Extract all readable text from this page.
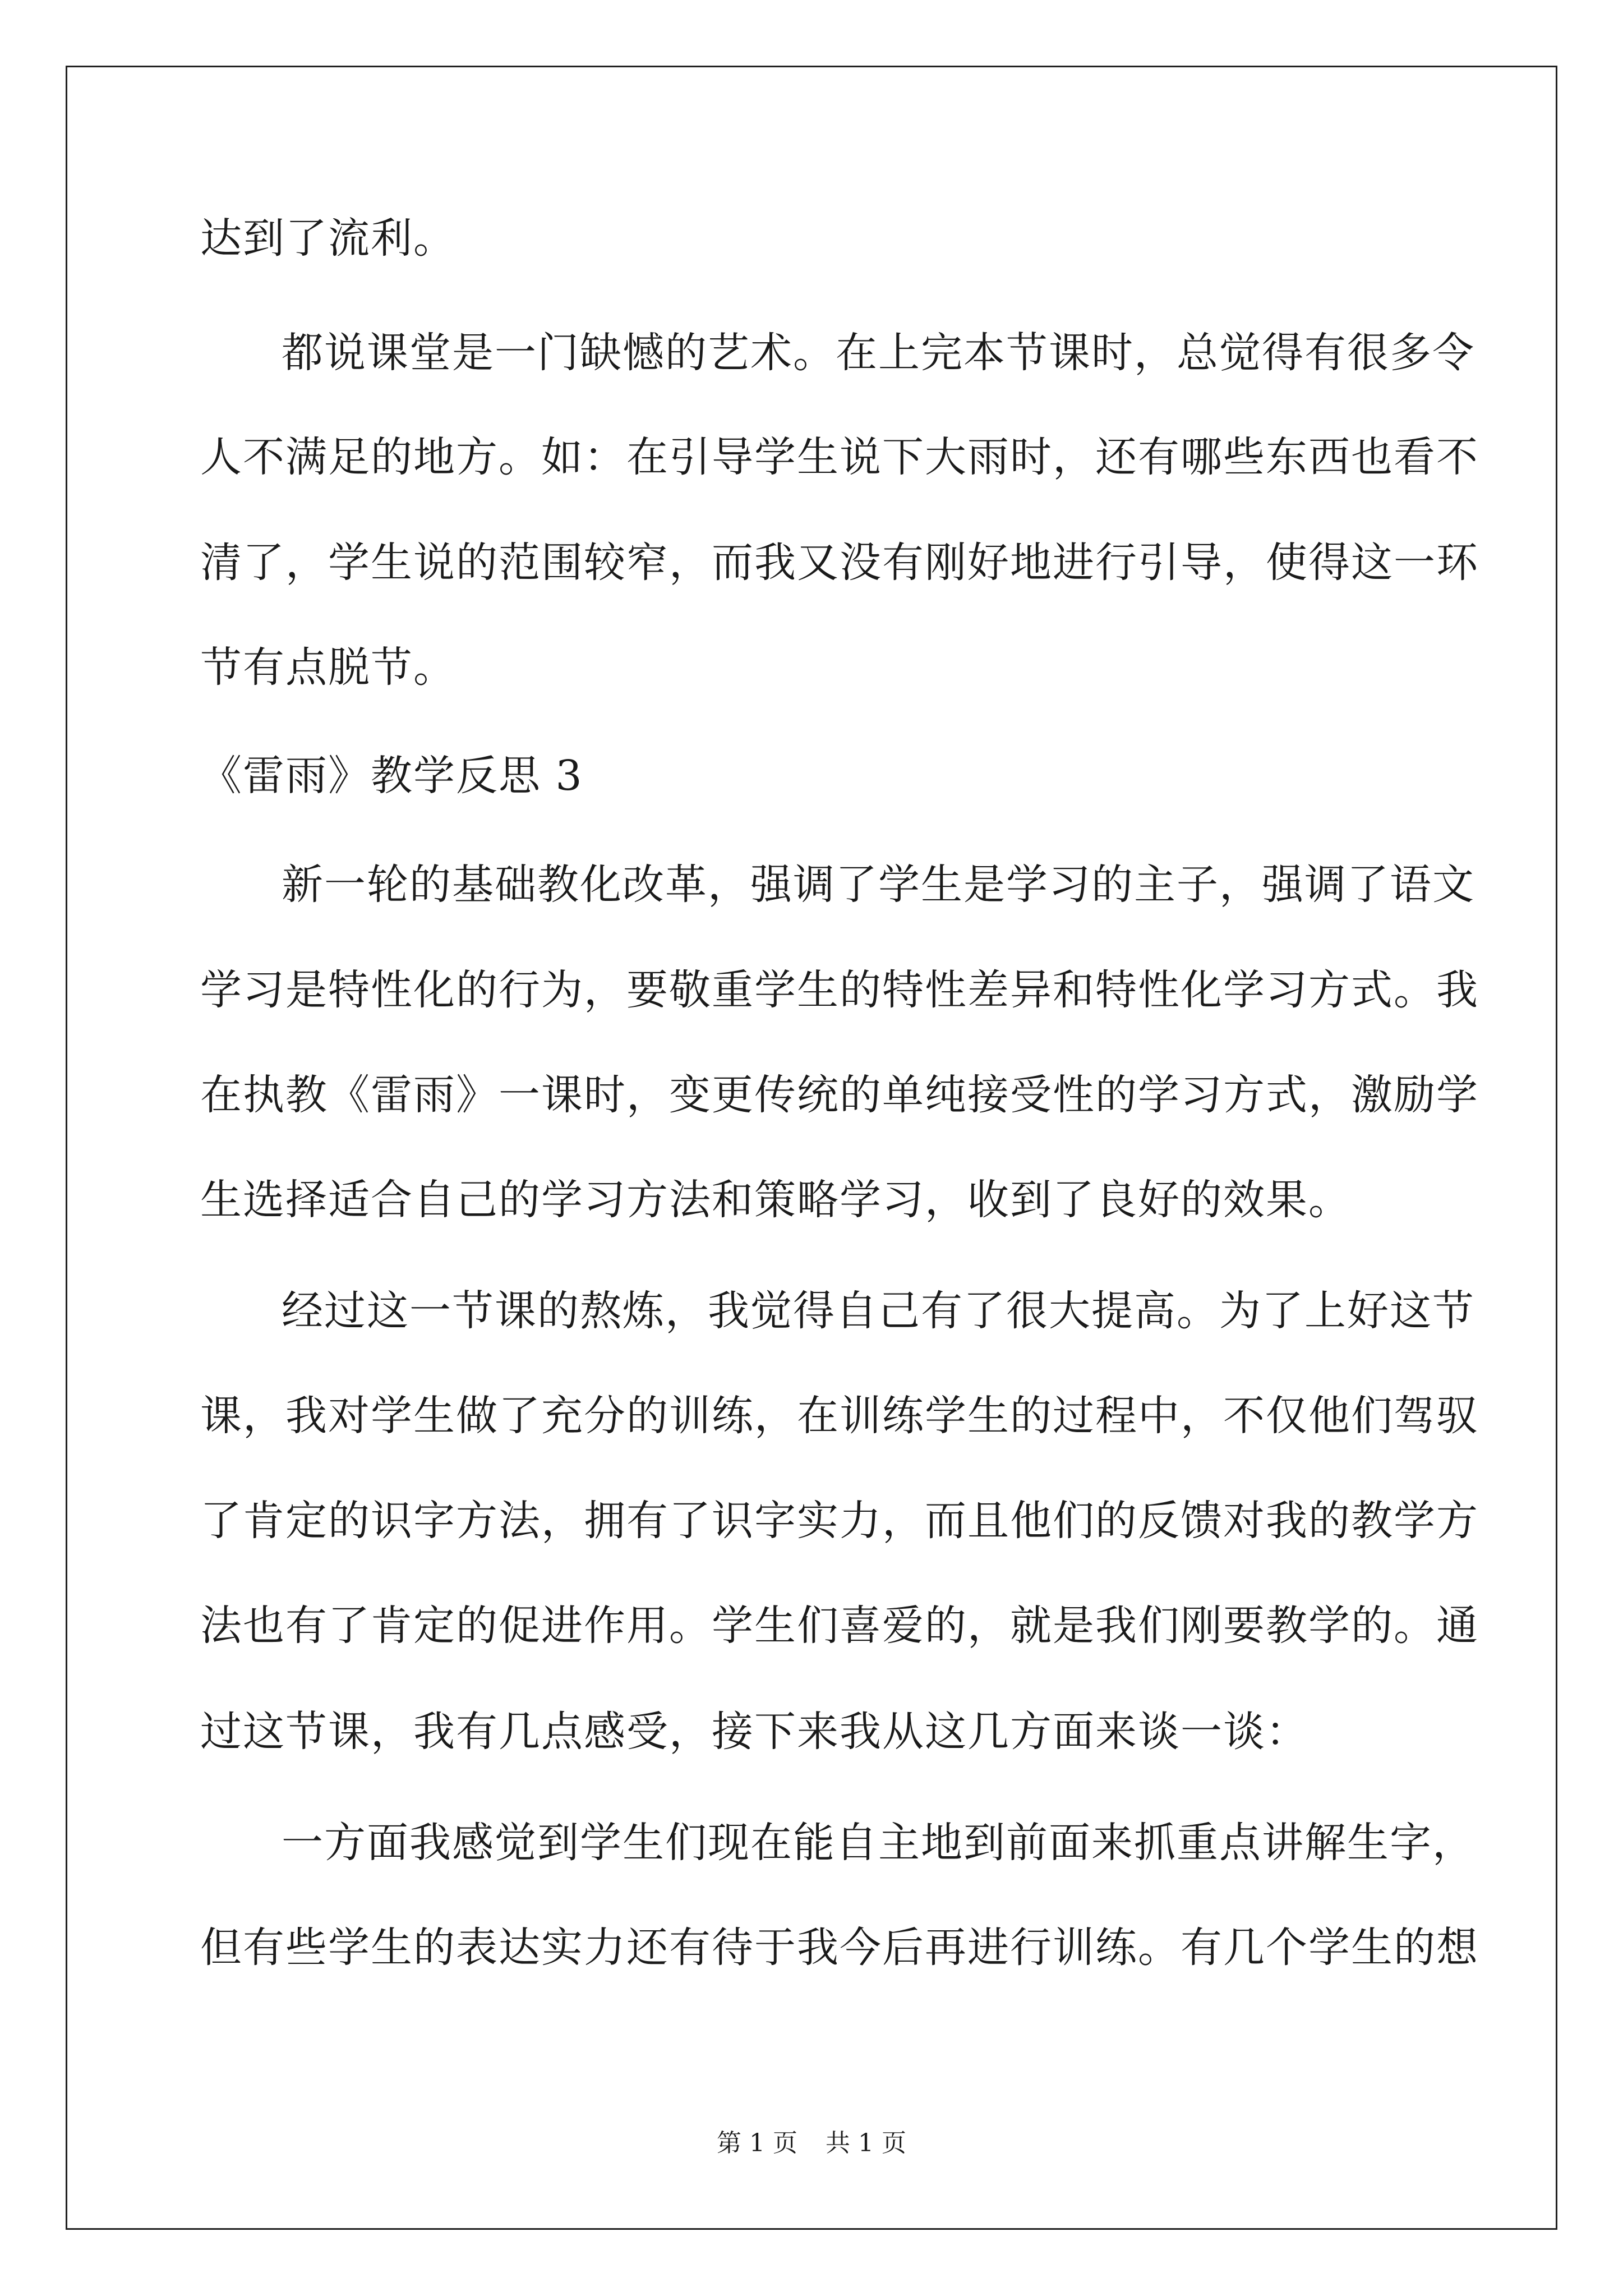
达到了流利。
都说课堂是一门缺憾的艺术。在上完本节课时，总觉得有很多令
人不满足的地方。如：在引导学生说下大雨时，还有哪些东西也看不
清了，学生说的范围较窄，而我又没有刚好地进行引导，使得这一环
节有点脱节。
《雷雨》教学反思 3
新一轮的基础教化改革，强调了学生是学习的主子，强调了语文
学习是特性化的行为，要敬重学生的特性差异和特性化学习方式。我
在执教《雷雨》一课时，变更传统的单纯接受性的学习方式，激励学
生选择适合自己的学习方法和策略学习，收到了良好的效果。
经过这一节课的熬炼，我觉得自己有了很大提高。为了上好这节
课，我对学生做了充分的训练，在训练学生的过程中，不仅他们驾驭
了肯定的识字方法，拥有了识字实力，而且他们的反馈对我的教学方
法也有了肯定的促进作用。学生们喜爱的，就是我们刚要教学的。通
过这节课，我有几点感受，接下来我从这几方面来谈一谈：
一方面我感觉到学生们现在能自主地到前面来抓重点讲解生字，
但有些学生的表达实力还有待于我今后再进行训练。有几个学生的想
第 1 页 共 1 页
